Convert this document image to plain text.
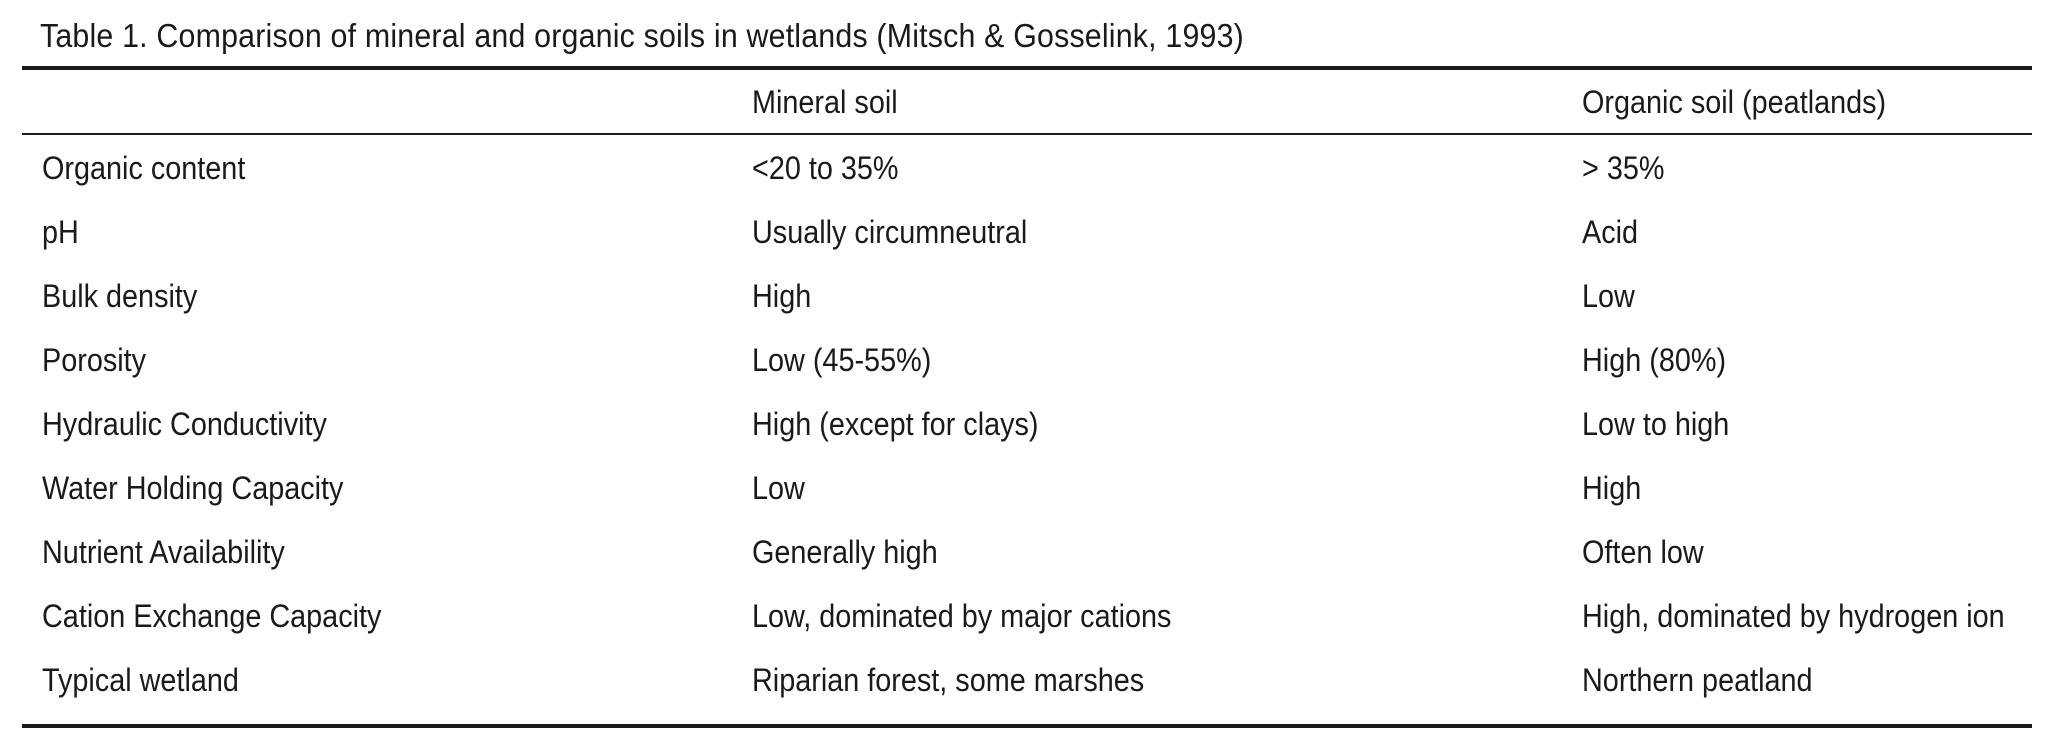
Table 1. Comparison of mineral and organic soils in wetlands (Mitsch & Gosselink, 1993)
	Mineral soil	Organic soil (peatlands)
Organic content	<20 to 35%	> 35%
pH	Usually circumneutral	Acid
Bulk density	High	Low
Porosity	Low (45-55%)	High (80%)
Hydraulic Conductivity	High (except for clays)	Low to high
Water Holding Capacity	Low	High
Nutrient Availability	Generally high	Often low
Cation Exchange Capacity	Low, dominated by major cations	High, dominated by hydrogen ion
Typical wetland	Riparian forest, some marshes	Northern peatland
